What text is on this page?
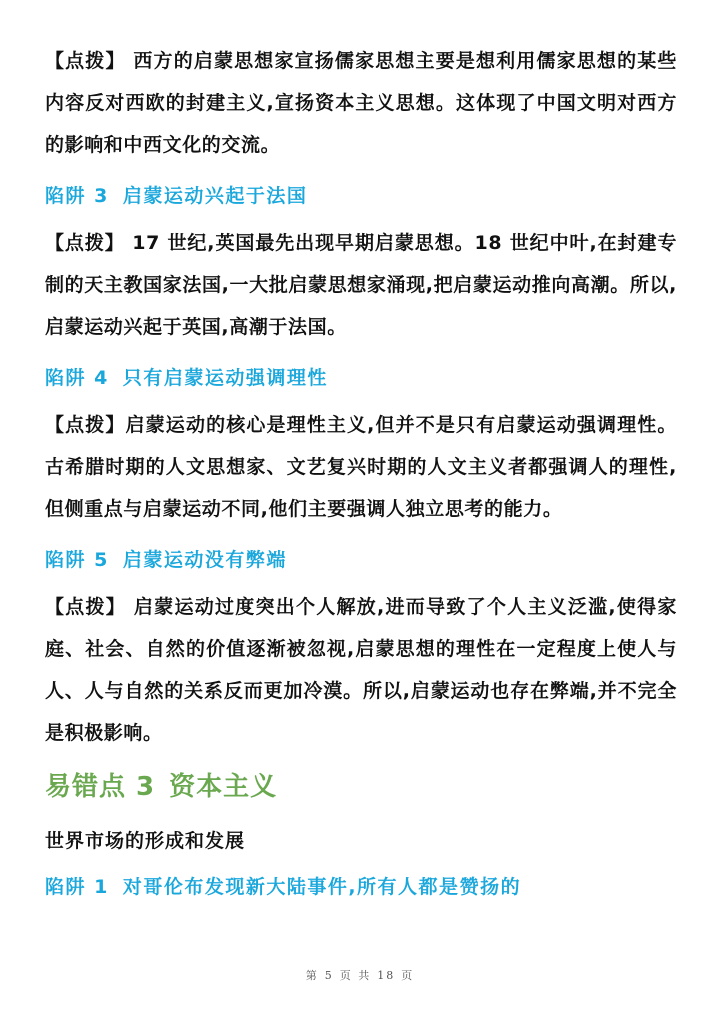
【点拨】 西方的启蒙思想家宣扬儒家思想主要是想利用儒家思想的某些内容反对西欧的封建主义,宣扬资本主义思想。这体现了中国文明对西方的影响和中西文化的交流。

陷阱 3 启蒙运动兴起于法国

【点拨】 17 世纪,英国最先出现早期启蒙思想。18 世纪中叶,在封建专制的天主教国家法国,一大批启蒙思想家涌现,把启蒙运动推向高潮。所以,启蒙运动兴起于英国,高潮于法国。

陷阱 4 只有启蒙运动强调理性

【点拨】启蒙运动的核心是理性主义,但并不是只有启蒙运动强调理性。古希腊时期的人文思想家、文艺复兴时期的人文主义者都强调人的理性,但侧重点与启蒙运动不同,他们主要强调人独立思考的能力。

陷阱 5 启蒙运动没有弊端

【点拨】 启蒙运动过度突出个人解放,进而导致了个人主义泛滥,使得家庭、社会、自然的价值逐渐被忽视,启蒙思想的理性在一定程度上使人与人、人与自然的关系反而更加冷漠。所以,启蒙运动也存在弊端,并不完全是积极影响。

易错点 3 资本主义
世界市场的形成和发展
陷阱 1 对哥伦布发现新大陆事件,所有人都是赞扬的
第 5 页 共 18 页
